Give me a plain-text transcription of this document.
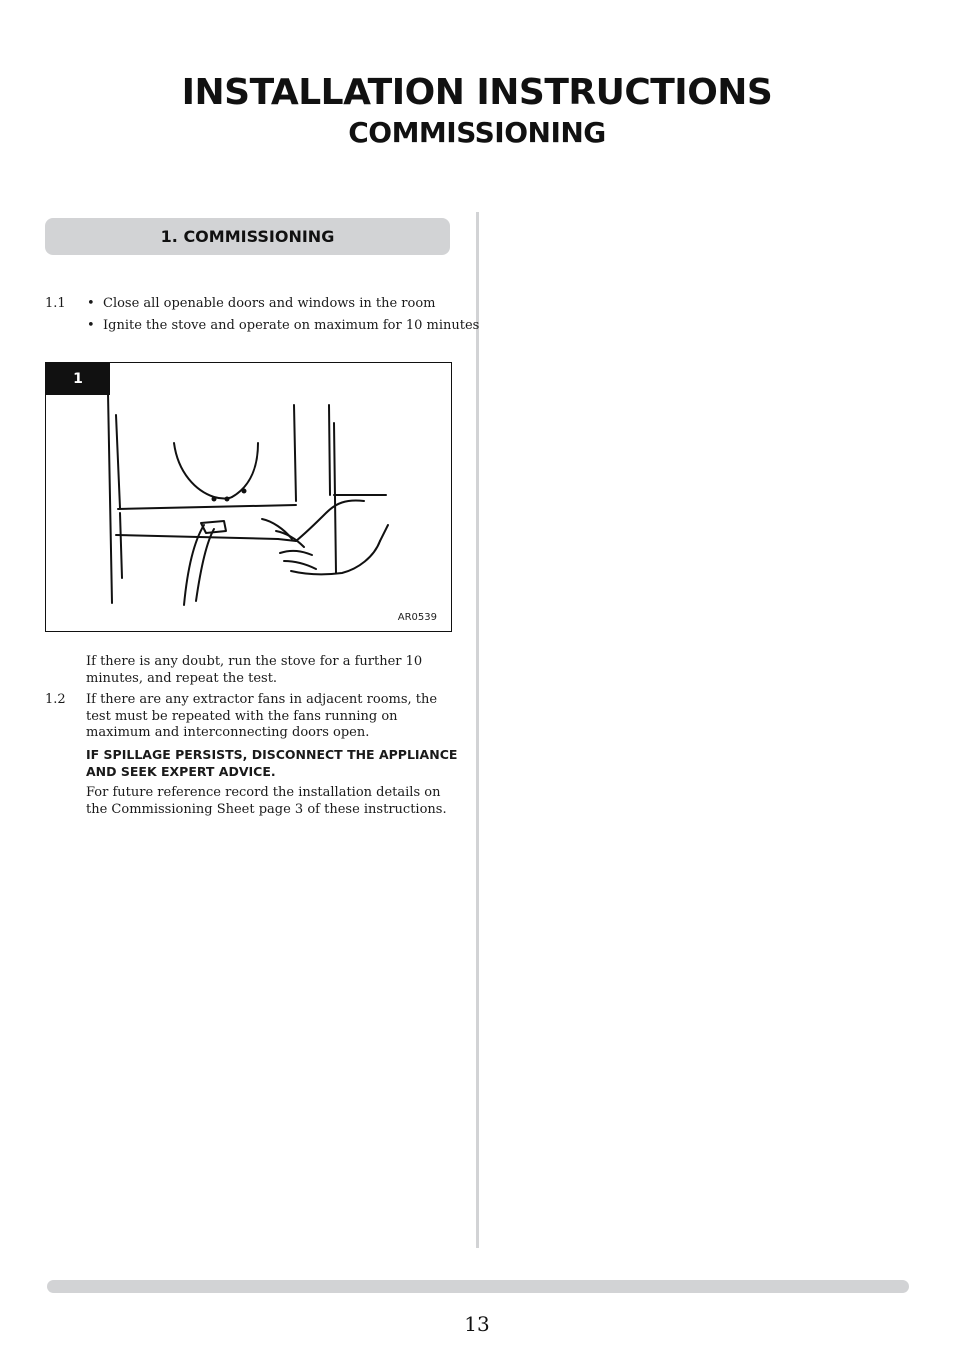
INSTALLATION INSTRUCTIONS
COMMISSIONING
1. COMMISSIONING
1.1 • Close all openable doors and windows in the room
• Ignite the stove and operate on maximum for 10 minutes
1
AR0539
If there is any doubt, run the stove for a further 10 minutes, and repeat the test.
1.2 If there are any extractor fans in adjacent rooms, the test must be repeated with the fans running on maximum and interconnecting doors open.
IF SPILLAGE PERSISTS, DISCONNECT THE APPLIANCE AND SEEK EXPERT ADVICE.
For future reference record the installation details on the Commissioning Sheet page 3 of these instructions.
13
